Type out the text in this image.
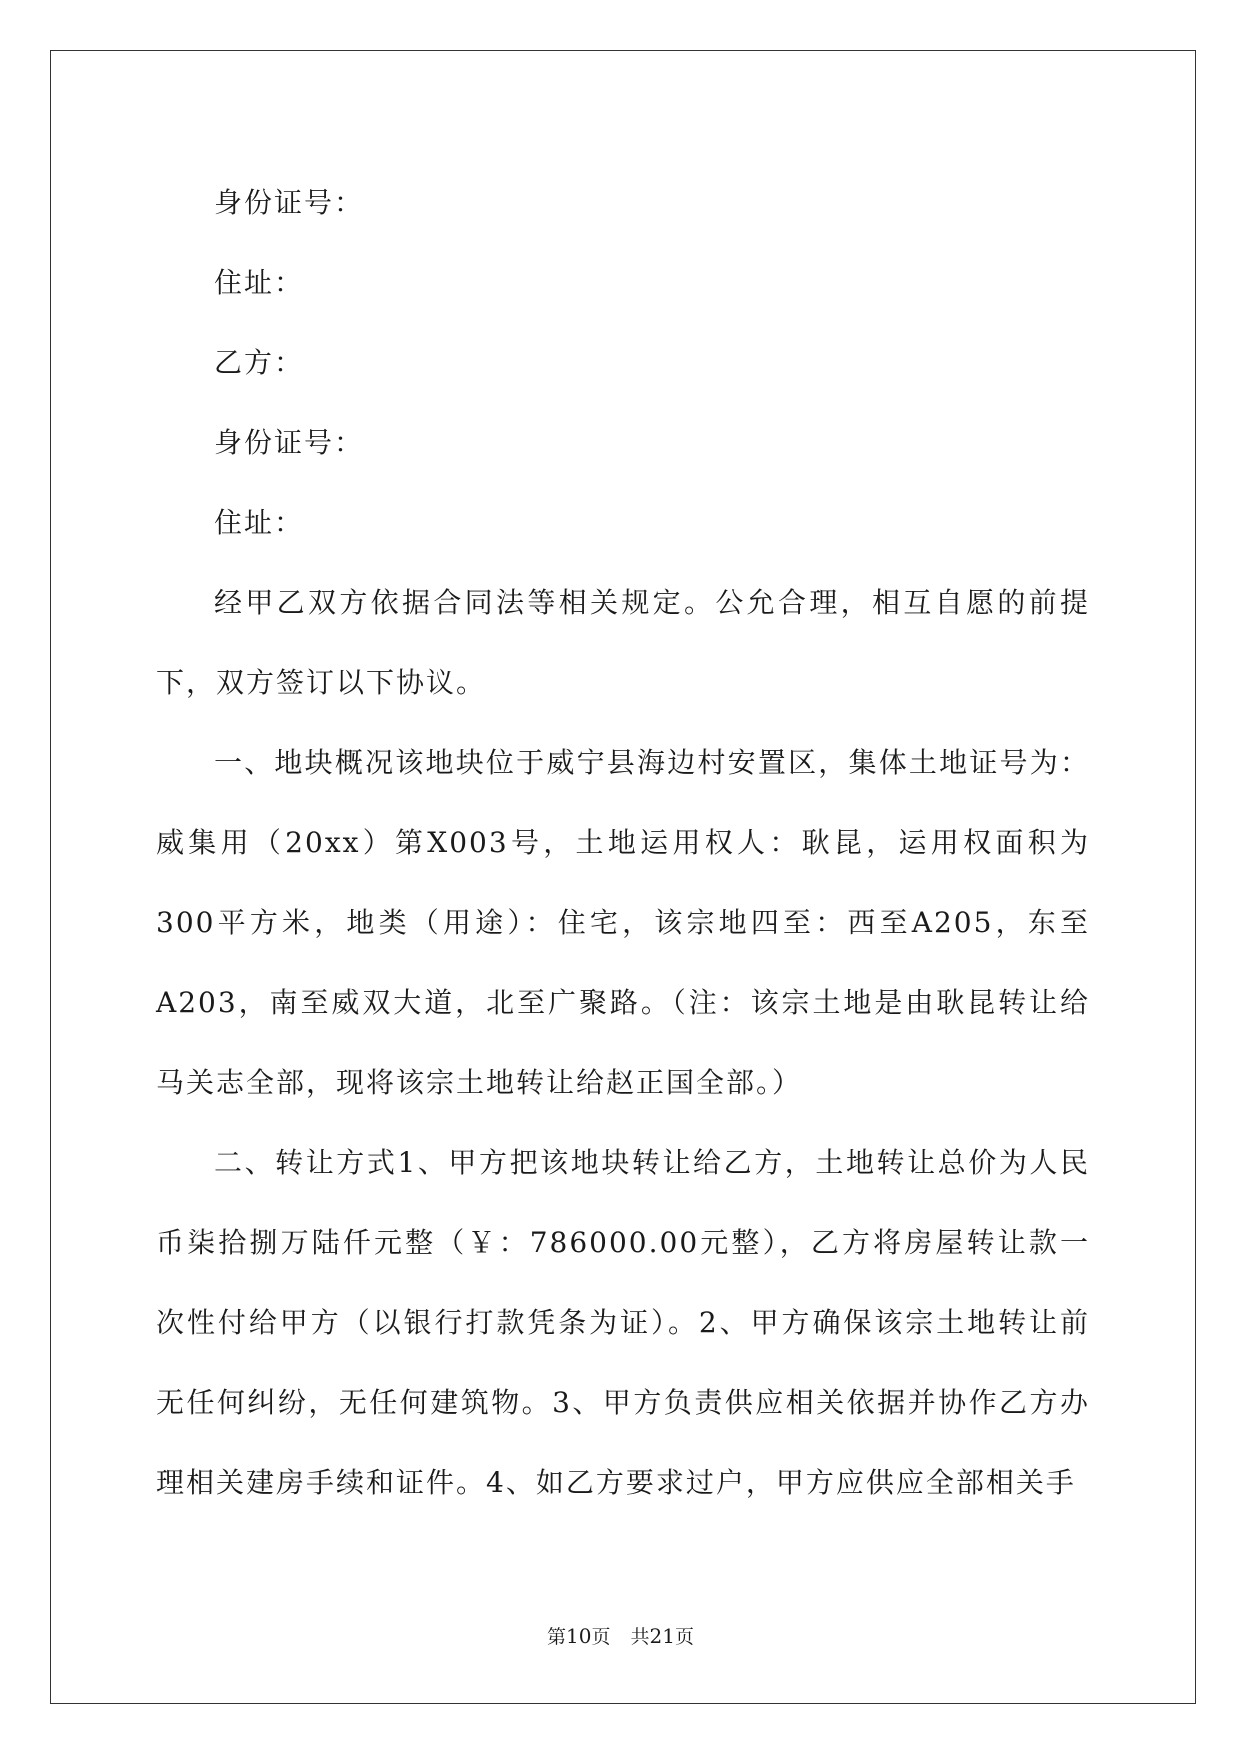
身份证号：

住址：

乙方：

身份证号：

住址：

经甲乙双方依据合同法等相关规定。公允合理，相互自愿的前提下，双方签订以下协议。

一、地块概况该地块位于威宁县海边村安置区，集体土地证号为：威集用（20xx）第X003号，土地运用权人：耿昆，运用权面积为300平方米，地类（用途）：住宅，该宗地四至：西至A205，东至A203，南至威双大道，北至广聚路。（注：该宗土地是由耿昆转让给马关志全部，现将该宗土地转让给赵正国全部。）

二、转让方式1、甲方把该地块转让给乙方，土地转让总价为人民币柒拾捌万陆仟元整（￥：786000.00元整），乙方将房屋转让款一次性付给甲方（以银行打款凭条为证）。2、甲方确保该宗土地转让前无任何纠纷，无任何建筑物。3、甲方负责供应相关依据并协作乙方办理相关建房手续和证件。4、如乙方要求过户，甲方应供应全部相关手

第10页 共21页
